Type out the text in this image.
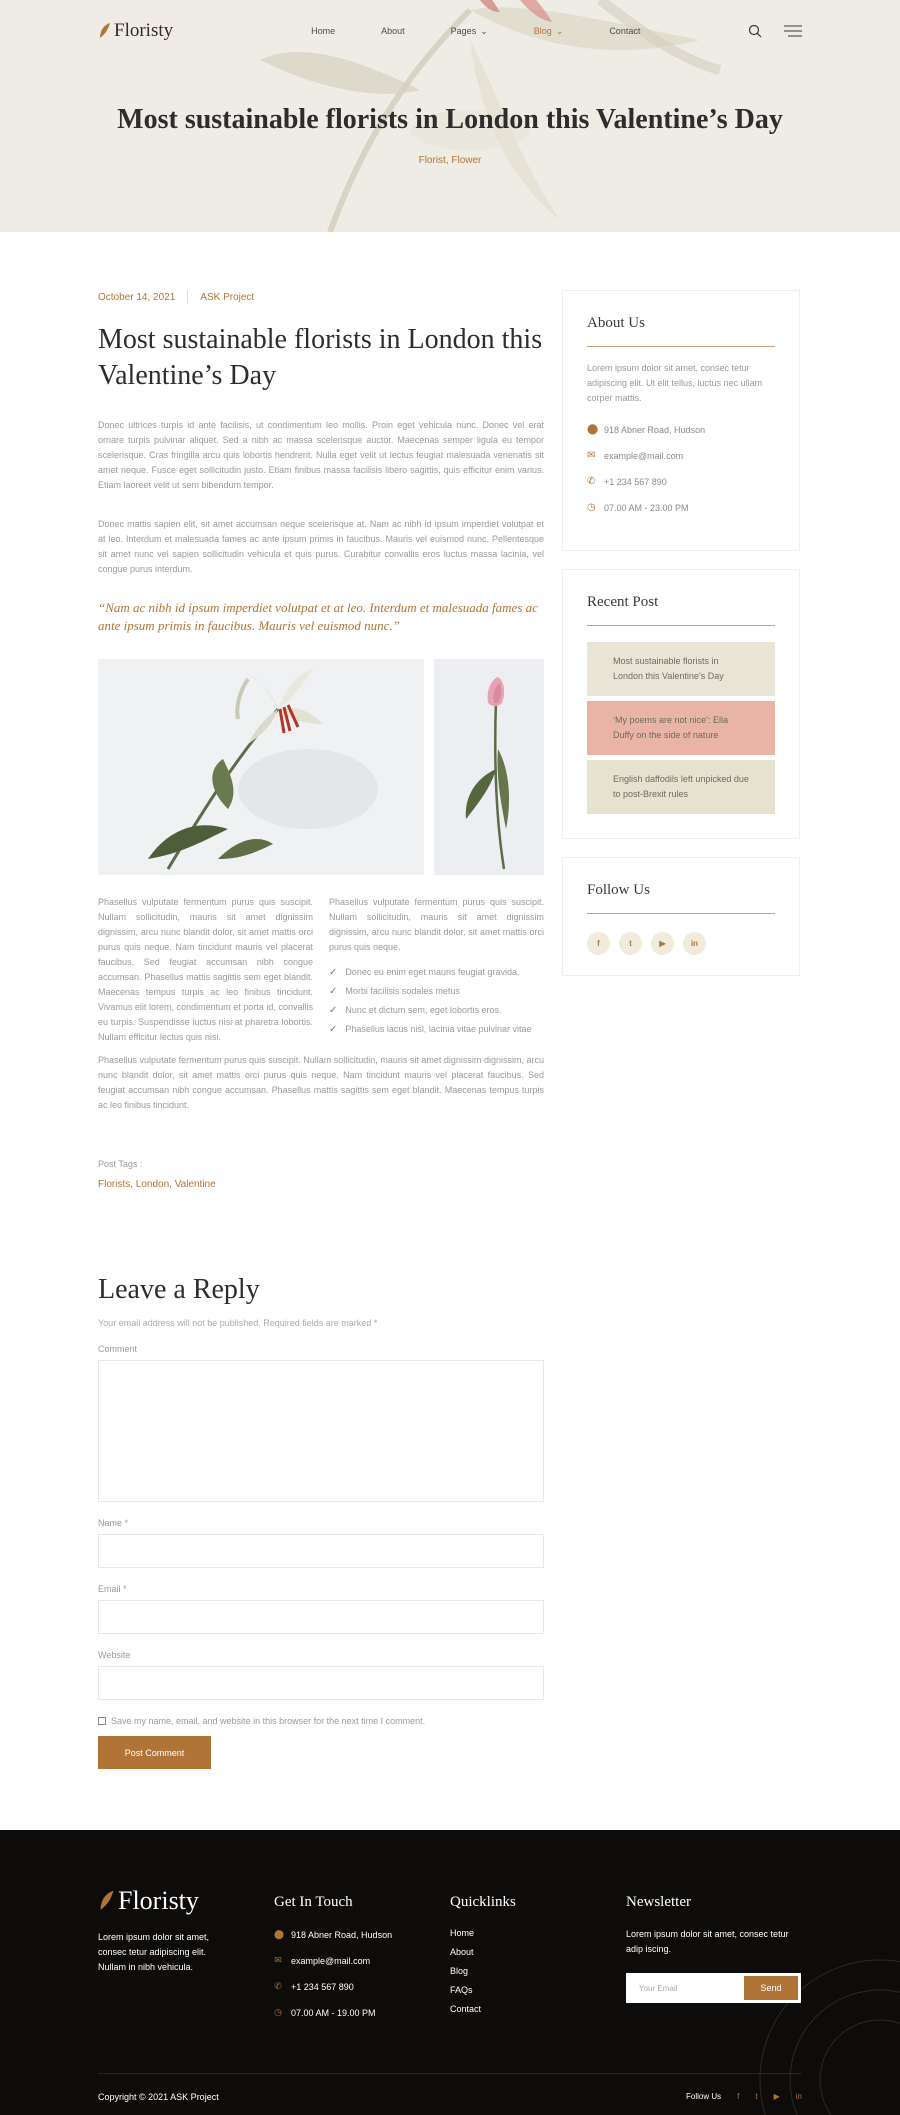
Floristy	Home	About	Pages ⌄	Blog ⌄	Contact
Most sustainable florists in London this Valentine’s Day
Florist, Flower
October 14, 2021	ASK Project
Most sustainable florists in London this Valentine’s Day

Donec ultrices turpis id ante facilisis, ut condimentum leo mollis. Proin eget vehicula nunc. Donec vel erat ornare turpis pulvinar aliquet. Sed a nibh ac massa scelerisque auctor. Maecenas semper ligula eu tempor scelerisque. Cras fringilla arcu quis lobortis hendrerit. Nulla eget velit ut lectus feugiat malesuada venenatis sit amet neque. Fusce eget sollicitudin justo. Etiam finibus massa facilisis libero sagittis, quis efficitur enim varius. Etiam laoreet velit ut sem bibendum tempor.

Donec mattis sapien elit, sit amet accumsan neque scelerisque at. Nam ac nibh id ipsum imperdiet volutpat et at leo. Interdum et malesuada fames ac ante ipsum primis in faucibus. Mauris vel euismod nunc. Pellentesque sit amet nunc vel sapien sollicitudin vehicula et quis purus. Curabitur convallis eros luctus massa lacinia, vel congue purus interdum.

“Nam ac nibh id ipsum imperdiet volutpat et at leo. Interdum et malesuada fames ac ante ipsum primis in faucibus. Mauris vel euismod nunc.”

Phasellus vulputate fermentum purus quis suscipit. Nullam sollicitudin, mauris sit amet dignissim dignissim, arcu nunc blandit dolor, sit amet mattis orci purus quis neque. Nam tincidunt mauris vel placerat faucibus. Sed feugiat accumsan nibh congue accumsan. Phasellus mattis sagittis sem eget blandit. Maecenas tempus turpis ac leo finibus tincidunt. Vivamus elit lorem, condimentum et porta id, convallis eu turpis. Suspendisse luctus nisi at pharetra lobortis. Nullam efficitur lectus quis nisi.

Phasellus vulputate fermentum purus quis suscipit. Nullam sollicitudin, mauris sit amet dignissim dignissim, arcu nunc blandit dolor, sit amet mattis orci purus quis neque.

✓ Donec eu enim eget mauris feugiat gravida.
✓ Morbi facilisis sodales metus
✓ Nunc et dictum sem, eget lobortis eros.
✓ Phasellus lacus nisl, lacinia vitae pulvinar vitae

Phasellus vulputate fermentum purus quis suscipit. Nullam sollicitudin, mauris sit amet dignissim dignissim, arcu nunc blandit dolor, sit amet mattis orci purus quis neque. Nam tincidunt mauris vel placerat faucibus. Sed feugiat accumsan nibh congue accumsan. Phasellus mattis sagittis sem eget blandit. Maecenas tempus turpis ac leo finibus tincidunt.

Post Tags :
Florists, London, Valentine
Leave a Reply
Your email address will not be published. Required fields are marked *
Comment
Name *
Email *
Website
Save my name, email, and website in this browser for the next time I comment.
Post Comment
About Us

Lorem ipsum dolor sit amet, consec tetur adipiscing elit. Ut elit tellus, luctus nec ullam corper mattis.

⬤ 918 Abner Road, Hudson
✉ example@mail.com
✆ +1 234 567 890
◷ 07.00 AM - 23.00 PM
Recent Post
Most sustainable florists in London this Valentine’s Day
‘My poems are not nice’: Ella Duffy on the side of nature
English daffodils left unpicked due to post-Brexit rules
Follow Us
f	t	▶	in
Floristy

Lorem ipsum dolor sit amet, consec tetur adipiscing elit. Nullam in nibh vehicula.

Get In Touch
⬤ 918 Abner Road, Hudson
✉ example@mail.com
✆ +1 234 567 890
◷ 07.00 AM - 19.00 PM
Quicklinks
Home
About
Blog
FAQs
Contact
Newsletter

Lorem ipsum dolor sit amet, consec tetur adip iscing.

Your Email	Send
Copyright © 2021 ASK Project	Follow Us f t ▶ in
